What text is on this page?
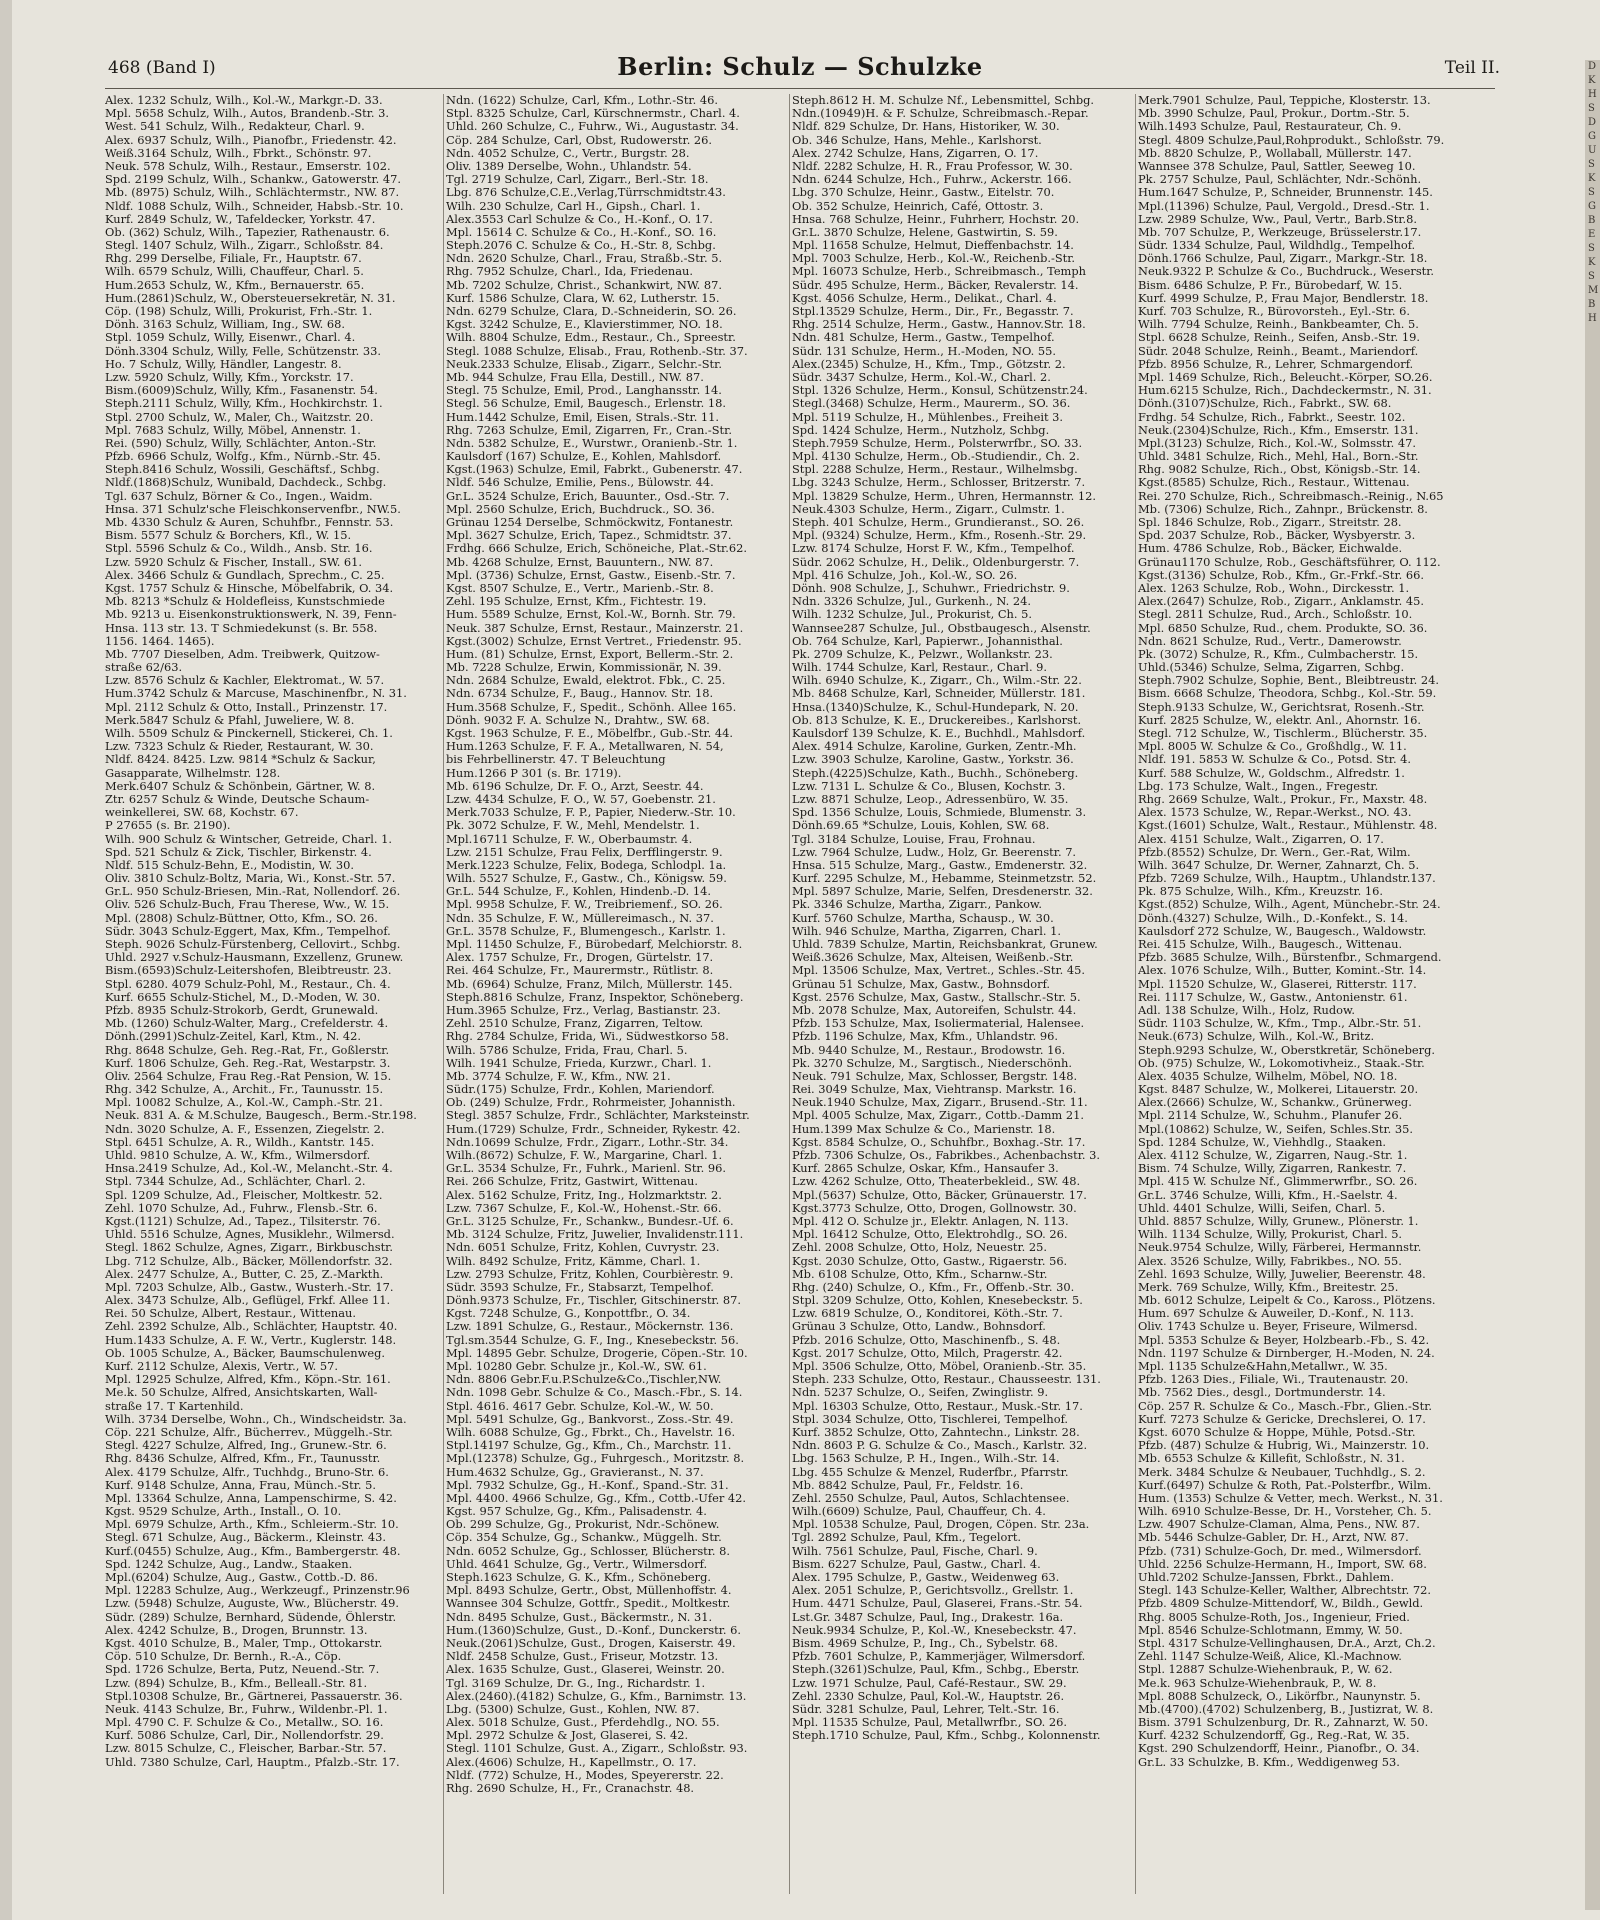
468 (Band I)	Berlin: Schulz — Schulzke	Teil II.
Alex. 1232 Schulz, Wilh., Kol.-W., Markgr.-D. 33.
Mpl. 5658 Schulz, Wilh., Autos, Brandenb.-Str. 3.
West. 541 Schulz, Wilh., Redakteur, Charl. 9.
Alex. 6937 Schulz, Wilh., Pianofbr., Friedenstr. 42.
Weiß.3164 Schulz, Wilh., Fbrkt., Schönstr. 97.
Neuk. 578 Schulz, Wilh., Restaur., Emserstr. 102.
Spd. 2199 Schulz, Wilh., Schankw., Gatowerstr. 47.
Mb. (8975) Schulz, Wilh., Schlächtermstr., NW. 87.
Nldf. 1088 Schulz, Wilh., Schneider, Habsb.-Str. 10.
Kurf. 2849 Schulz, W., Tafeldecker, Yorkstr. 47.
Ob. (362) Schulz, Wilh., Tapezier, Rathenaustr. 6.
Stegl. 1407 Schulz, Wilh., Zigarr., Schloßstr. 84.
Rhg. 299 Derselbe, Filiale, Fr., Hauptstr. 67.
Wilh. 6579 Schulz, Willi, Chauffeur, Charl. 5.
Hum.2653 Schulz, W., Kfm., Bernauerstr. 65.
Hum.(2861)Schulz, W., Obersteuersekretär, N. 31.
Cöp. (198) Schulz, Willi, Prokurist, Frh.-Str. 1.
Dönh. 3163 Schulz, William, Ing., SW. 68.
Stpl. 1059 Schulz, Willy, Eisenwr., Charl. 4.
Dönh.3304 Schulz, Willy, Felle, Schützenstr. 33.
Ho. 7 Schulz, Willy, Händler, Langestr. 8.
Lzw. 5920 Schulz, Willy, Kfm., Yorckstr. 17.
Bism.(6009)Schulz, Willy, Kfm., Fasanenstr. 54.
Steph.2111 Schulz, Willy, Kfm., Hochkirchstr. 1.
Stpl. 2700 Schulz, W., Maler, Ch., Waitzstr. 20.
Mpl. 7683 Schulz, Willy, Möbel, Annenstr. 1.
Rei. (590) Schulz, Willy, Schlächter, Anton.-Str.
Pfzb. 6966 Schulz, Wolfg., Kfm., Nürnb.-Str. 45.
Steph.8416 Schulz, Wossili, Geschäftsf., Schbg.
Nldf.(1868)Schulz, Wunibald, Dachdeck., Schbg.
Tgl. 637 Schulz, Börner & Co., Ingen., Waidm.
Hnsa. 371 Schulz'sche Fleischkonservenfbr., NW.5.
Mb. 4330 Schulz & Auren, Schuhfbr., Fennstr. 53.
Bism. 5577 Schulz & Borchers, Kfl., W. 15.
Stpl. 5596 Schulz & Co., Wildh., Ansb. Str. 16.
Lzw. 5920 Schulz & Fischer, Install., SW. 61.
Alex. 3466 Schulz & Gundlach, Sprechm., C. 25.
Kgst. 1757 Schulz & Hinsche, Möbelfabrik, O. 34.
Mb. 8213 *Schulz & Holdefleiss, Kunstschmiede
Mb. 9213 u. Eisenkonstruktionswerk, N. 39, Fenn-
Hnsa. 113 str. 13. T Schmiedekunst (s. Br. 558.
1156. 1464. 1465).
Mb. 7707 Dieselben, Adm. Treibwerk, Quitzow-
straße 62/63.
Lzw. 8576 Schulz & Kachler, Elektromat., W. 57.
Hum.3742 Schulz & Marcuse, Maschinenfbr., N. 31.
Mpl. 2112 Schulz & Otto, Install., Prinzenstr. 17.
Merk.5847 Schulz & Pfahl, Juweliere, W. 8.
Wilh. 5509 Schulz & Pinckernell, Stickerei, Ch. 1.
Lzw. 7323 Schulz & Rieder, Restaurant, W. 30.
Nldf. 8424. 8425. Lzw. 9814 *Schulz & Sackur,
Gasapparate, Wilhelmstr. 128.
Merk.6407 Schulz & Schönbein, Gärtner, W. 8.
Ztr. 6257 Schulz & Winde, Deutsche Schaum-
weinkellerei, SW. 68, Kochstr. 67.
P 27655 (s. Br. 2190).
Wilh. 900 Schulz & Wintscher, Getreide, Charl. 1.
Spd. 521 Schulz & Zick, Tischler, Birkenstr. 4.
Nldf. 515 Schulz-Behn, E., Modistin, W. 30.
Oliv. 3810 Schulz-Boltz, Maria, Wi., Konst.-Str. 57.
Gr.L. 950 Schulz-Briesen, Min.-Rat, Nollendorf. 26.
Oliv. 526 Schulz-Buch, Frau Therese, Ww., W. 15.
Mpl. (2808) Schulz-Büttner, Otto, Kfm., SO. 26.
Südr. 3043 Schulz-Eggert, Max, Kfm., Tempelhof.
Steph. 9026 Schulz-Fürstenberg, Cellovirt., Schbg.
Uhld. 2927 v.Schulz-Hausmann, Exzellenz, Grunew.
Bism.(6593)Schulz-Leitershofen, Bleibtreustr. 23.
Stpl. 6280. 4079 Schulz-Pohl, M., Restaur., Ch. 4.
Kurf. 6655 Schulz-Stichel, M., D.-Moden, W. 30.
Pfzb. 8935 Schulz-Strokorb, Gerdt, Grunewald.
Mb. (1260) Schulz-Walter, Marg., Crefelderstr. 4.
Dönh.(2991)Schulz-Zeitel, Karl, Ktm., N. 42.
Rhg. 8648 Schulze, Geh. Reg.-Rat, Fr., Goßlerstr.
Kurf. 1806 Schulze, Geh. Reg.-Rat, Westarpstr. 3.
Oliv. 2564 Schulze, Frau Reg.-Rat Pension, W. 15.
Rhg. 342 Schulze, A., Archit., Fr., Taunusstr. 15.
Mpl. 10082 Schulze, A., Kol.-W., Camph.-Str. 21.
Neuk. 831 A. & M.Schulze, Baugesch., Berm.-Str.198.
Ndn. 3020 Schulze, A. F., Essenzen, Ziegelstr. 2.
Stpl. 6451 Schulze, A. R., Wildh., Kantstr. 145.
Uhld. 9810 Schulze, A. W., Kfm., Wilmersdorf.
Hnsa.2419 Schulze, Ad., Kol.-W., Melancht.-Str. 4.
Stpl. 7344 Schulze, Ad., Schlächter, Charl. 2.
Spl. 1209 Schulze, Ad., Fleischer, Moltkestr. 52.
Zehl. 1070 Schulze, Ad., Fuhrw., Flensb.-Str. 6.
Kgst.(1121) Schulze, Ad., Tapez., Tilsiterstr. 76.
Uhld. 5516 Schulze, Agnes, Musiklehr., Wilmersd.
Stegl. 1862 Schulze, Agnes, Zigarr., Birkbuschstr.
Lbg. 712 Schulze, Alb., Bäcker, Möllendorfstr. 32.
Alex. 2477 Schulze, A., Butter, C. 25, Z.-Markth.
Mpl. 7203 Schulze, Alb., Gastw., Wusterh.-Str. 17.
Alex. 3473 Schulze, Alb., Geflügel, Frkf. Allee 11.
Rei. 50 Schulze, Albert, Restaur., Wittenau.
Zehl. 2392 Schulze, Alb., Schlächter, Hauptstr. 40.
Hum.1433 Schulze, A. F. W., Vertr., Kuglerstr. 148.
Ob. 1005 Schulze, A., Bäcker, Baumschulenweg.
Kurf. 2112 Schulze, Alexis, Vertr., W. 57.
Mpl. 12925 Schulze, Alfred, Kfm., Köpn.-Str. 161.
Me.k. 50 Schulze, Alfred, Ansichtskarten, Wall-
straße 17. T Kartenhild.
Wilh. 3734 Derselbe, Wohn., Ch., Windscheidstr. 3a.
Cöp. 221 Schulze, Alfr., Bücherrev., Müggelh.-Str.
Stegl. 4227 Schulze, Alfred, Ing., Grunew.-Str. 6.
Rhg. 8436 Schulze, Alfred, Kfm., Fr., Taunusstr.
Alex. 4179 Schulze, Alfr., Tuchhdg., Bruno-Str. 6.
Kurf. 9148 Schulze, Anna, Frau, Münch.-Str. 5.
Mpl. 13364 Schulze, Anna, Lampenschirme, S. 42.
Kgst. 9529 Schulze, Arth., Install., O. 10.
Mpl. 6979 Schulze, Arth., Kfm., Schleierm.-Str. 10.
Stegl. 671 Schulze, Aug., Bäckerm., Kleinstr. 43.
Kurf.(0455) Schulze, Aug., Kfm., Bambergerstr. 48.
Spd. 1242 Schulze, Aug., Landw., Staaken.
Mpl.(6204) Schulze, Aug., Gastw., Cottb.-D. 86.
Mpl. 12283 Schulze, Aug., Werkzeugf., Prinzenstr.96
Lzw. (5948) Schulze, Auguste, Ww., Blücherstr. 49.
Südr. (289) Schulze, Bernhard, Südende, Öhlerstr.
Alex. 4242 Schulze, B., Drogen, Brunnstr. 13.
Kgst. 4010 Schulze, B., Maler, Tmp., Ottokarstr.
Cöp. 510 Schulze, Dr. Bernh., R.-A., Cöp.
Spd. 1726 Schulze, Berta, Putz, Neuend.-Str. 7.
Lzw. (894) Schulze, B., Kfm., Belleall.-Str. 81.
Stpl.10308 Schulze, Br., Gärtnerei, Passauerstr. 36.
Neuk. 4143 Schulze, Br., Fuhrw., Wildenbr.-Pl. 1.
Mpl. 4790 C. F. Schulze & Co., Metallw., SO. 16.
Kurf. 5086 Schulze, Carl, Dir., Nollendorfstr. 29.
Lzw. 8015 Schulze, C., Fleischer, Barbar.-Str. 57.
Uhld. 7380 Schulze, Carl, Hauptm., Pfalzb.-Str. 17.
Ndn. (1622) Schulze, Carl, Kfm., Lothr.-Str. 46.
Stpl. 8325 Schulze, Carl, Kürschnermstr., Charl. 4.
Uhld. 260 Schulze, C., Fuhrw., Wi., Augustastr. 34.
Cöp. 284 Schulze, Carl, Obst, Rudowerstr. 26.
Ndn. 4052 Schulze, C., Vertr., Burgstr. 28.
Oliv. 1389 Derselbe, Wohn., Uhlandstr. 54.
Tgl. 2719 Schulze, Carl, Zigarr., Berl.-Str. 18.
Lbg. 876 Schulze,C.E.,Verlag,Türrschmidtstr.43.
Wilh. 230 Schulze, Carl H., Gipsh., Charl. 1.
Alex.3553 Carl Schulze & Co., H.-Konf., O. 17.
Mpl. 15614 C. Schulze & Co., H.-Konf., SO. 16.
Steph.2076 C. Schulze & Co., H.-Str. 8, Schbg.
Ndn. 2620 Schulze, Charl., Frau, Straßb.-Str. 5.
Rhg. 7952 Schulze, Charl., Ida, Friedenau.
Mb. 7202 Schulze, Christ., Schankwirt, NW. 87.
Kurf. 1586 Schulze, Clara, W. 62, Lutherstr. 15.
Ndn. 6279 Schulze, Clara, D.-Schneiderin, SO. 26.
Kgst. 3242 Schulze, E., Klavierstimmer, NO. 18.
Wilh. 8804 Schulze, Edm., Restaur., Ch., Spreestr.
Stegl. 1088 Schulze, Elisab., Frau, Rothenb.-Str. 37.
Neuk.2333 Schulze, Elisab., Zigarr., Selchr.-Str.
Mb. 944 Schulze, Frau Ella, Destill., NW. 87.
Stegl. 75 Schulze, Emil, Prod., Langhansstr. 14.
Stegl. 56 Schulze, Emil, Baugesch., Erlenstr. 18.
Hum.1442 Schulze, Emil, Eisen, Strals.-Str. 11.
Rhg. 7263 Schulze, Emil, Zigarren, Fr., Cran.-Str.
Ndn. 5382 Schulze, E., Wurstwr., Oranienb.-Str. 1.
Kaulsdorf (167) Schulze, E., Kohlen, Mahlsdorf.
Kgst.(1963) Schulze, Emil, Fabrkt., Gubenerstr. 47.
Nldf. 546 Schulze, Emilie, Pens., Bülowstr. 44.
Gr.L. 3524 Schulze, Erich, Bauunter., Osd.-Str. 7.
Mpl. 2560 Schulze, Erich, Buchdruck., SO. 36.
Grünau 1254 Derselbe, Schmöckwitz, Fontanestr.
Mpl. 3627 Schulze, Erich, Tapez., Schmidtstr. 37.
Frdhg. 666 Schulze, Erich, Schöneiche, Plat.-Str.62.
Mb. 4268 Schulze, Ernst, Bauuntern., NW. 87.
Mpl. (3736) Schulze, Ernst, Gastw., Eisenb.-Str. 7.
Kgst. 8507 Schulze, E., Vertr., Marienb.-Str. 8.
Zehl. 195 Schulze, Ernst, Kfm., Fichtestr. 19.
Hum. 5589 Schulze, Ernst, Kol.-W., Bornh. Str. 79.
Neuk. 387 Schulze, Ernst, Restaur., Mainzerstr. 21.
Kgst.(3002) Schulze, Ernst Vertret., Friedenstr. 95.
Hum. (81) Schulze, Ernst, Export, Bellerm.-Str. 2.
Mb. 7228 Schulze, Erwin, Kommissionär, N. 39.
Ndn. 2684 Schulze, Ewald, elektrot. Fbk., C. 25.
Ndn. 6734 Schulze, F., Baug., Hannov. Str. 18.
Hum.3568 Schulze, F., Spedit., Schönh. Allee 165.
Dönh. 9032 F. A. Schulze N., Drahtw., SW. 68.
Kgst. 1963 Schulze, F. E., Möbelfbr., Gub.-Str. 44.
Hum.1263 Schulze, F. F. A., Metallwaren, N. 54,
bis Fehrbellinerstr. 47. T Beleuchtung
Hum.1266 P 301 (s. Br. 1719).
Mb. 6196 Schulze, Dr. F. O., Arzt, Seestr. 44.
Lzw. 4434 Schulze, F. O., W. 57, Goebenstr. 21.
Merk.7033 Schulze, F. P., Papier, Niederw.-Str. 10.
Pk. 3072 Schulze, F. W., Mehl, Mendelstr. 1.
Mpl.16711 Schulze, F. W., Oberbaumstr. 4.
Lzw. 2151 Schulze, Frau Felix, Derfflingerstr. 9.
Merk.1223 Schulze, Felix, Bodega, Schlodpl. 1a.
Wilh. 5527 Schulze, F., Gastw., Ch., Königsw. 59.
Gr.L. 544 Schulze, F., Kohlen, Hindenb.-D. 14.
Mpl. 9958 Schulze, F. W., Treibriemenf., SO. 26.
Ndn. 35 Schulze, F. W., Müllereimasch., N. 37.
Gr.L. 3578 Schulze, F., Blumengesch., Karlstr. 1.
Mpl. 11450 Schulze, F., Bürobedarf, Melchiorstr. 8.
Alex. 1757 Schulze, Fr., Drogen, Gürtelstr. 17.
Rei. 464 Schulze, Fr., Maurermstr., Rütlistr. 8.
Mb. (6964) Schulze, Franz, Milch, Müllerstr. 145.
Steph.8816 Schulze, Franz, Inspektor, Schöneberg.
Hum.3965 Schulze, Frz., Verlag, Bastianstr. 23.
Zehl. 2510 Schulze, Franz, Zigarren, Teltow.
Rhg. 2784 Schulze, Frida, Wi., Südwestkorso 58.
Wilh. 5786 Schulze, Frida, Frau, Charl. 5.
Wilh. 1941 Schulze, Frieda, Kurzwr., Charl. 1.
Mb. 3774 Schulze, F. W., Kfm., NW. 21.
Südr.(175) Schulze, Frdr., Kohlen, Mariendorf.
Ob. (249) Schulze, Frdr., Rohrmeister, Johannisth.
Stegl. 3857 Schulze, Frdr., Schlächter, Marksteinstr.
Hum.(1729) Schulze, Frdr., Schneider, Rykestr. 42.
Ndn.10699 Schulze, Frdr., Zigarr., Lothr.-Str. 34.
Wilh.(8672) Schulze, F. W., Margarine, Charl. 1.
Gr.L. 3534 Schulze, Fr., Fuhrk., Marienl. Str. 96.
Rei. 266 Schulze, Fritz, Gastwirt, Wittenau.
Alex. 5162 Schulze, Fritz, Ing., Holzmarktstr. 2.
Lzw. 7367 Schulze, F., Kol.-W., Hohenst.-Str. 66.
Gr.L. 3125 Schulze, Fr., Schankw., Bundesr.-Uf. 6.
Mb. 3124 Schulze, Fritz, Juwelier, Invalidenstr.111.
Ndn. 6051 Schulze, Fritz, Kohlen, Cuvrystr. 23.
Wilh. 8492 Schulze, Fritz, Kämme, Charl. 1.
Lzw. 2793 Schulze, Fritz, Kohlen, Courbièrestr. 9.
Südr. 3593 Schulze, Fr., Stabsarzt, Tempelhof.
Dönh.9373 Schulze, Fr., Tischler, Gitschinerstr. 87.
Kgst. 7248 Schulze, G., Konpottfbr., O. 34.
Lzw. 1891 Schulze, G., Restaur., Möckernstr. 136.
Tgl.sm.3544 Schulze, G. F., Ing., Knesebeckstr. 56.
Mpl. 14895 Gebr. Schulze, Drogerie, Cöpen.-Str. 10.
Mpl. 10280 Gebr. Schulze jr., Kol.-W., SW. 61.
Ndn. 8806 Gebr.F.u.P.Schulze&Co.,Tischler,NW.
Ndn. 1098 Gebr. Schulze & Co., Masch.-Fbr., S. 14.
Stpl. 4616. 4617 Gebr. Schulze, Kol.-W., W. 50.
Mpl. 5491 Schulze, Gg., Bankvorst., Zoss.-Str. 49.
Wilh. 6088 Schulze, Gg., Fbrkt., Ch., Havelstr. 16.
Stpl.14197 Schulze, Gg., Kfm., Ch., Marchstr. 11.
Mpl.(12378) Schulze, Gg., Fuhrgesch., Moritzstr. 8.
Hum.4632 Schulze, Gg., Gravieranst., N. 37.
Mpl. 7932 Schulze, Gg., H.-Konf., Spand.-Str. 31.
Mpl. 4400. 4966 Schulze, Gg., Kfm., Cottb.-Ufer 42.
Kgst. 957 Schulze, Gg., Kfm., Palisadenstr. 4.
Ob. 299 Schulze, Gg., Prokurist, Ndr.-Schönew.
Cöp. 354 Schulze, Gg., Schankw., Müggelh. Str.
Ndn. 6052 Schulze, Gg., Schlosser, Blücherstr. 8.
Uhld. 4641 Schulze, Gg., Vertr., Wilmersdorf.
Steph.1623 Schulze, G. K., Kfm., Schöneberg.
Mpl. 8493 Schulze, Gertr., Obst, Müllenhoffstr. 4.
Wannsee 304 Schulze, Gottfr., Spedit., Moltkestr.
Ndn. 8495 Schulze, Gust., Bäckermstr., N. 31.
Hum.(1360)Schulze, Gust., D.-Konf., Dunckerstr. 6.
Neuk.(2061)Schulze, Gust., Drogen, Kaiserstr. 49.
Nldf. 2458 Schulze, Gust., Friseur, Motzstr. 13.
Alex. 1635 Schulze, Gust., Glaserei, Weinstr. 20.
Tgl. 3169 Schulze, Dr. G., Ing., Richardstr. 1.
Alex.(2460).(4182) Schulze, G., Kfm., Barnimstr. 13.
Lbg. (5300) Schulze, Gust., Kohlen, NW. 87.
Alex. 5018 Schulze, Gust., Pferdehdlg., NO. 55.
Mpl. 2972 Schulze & Jost, Glaserei, S. 42.
Stegl. 1101 Schulze, Gust. A., Zigarr., Schloßstr. 93.
Alex.(4606) Schulze, H., Kapellmstr., O. 17.
Nldf. (772) Schulze, H., Modes, Speyererstr. 22.
Rhg. 2690 Schulze, H., Fr., Cranachstr. 48.
Steph.8612 H. M. Schulze Nf., Lebensmittel, Schbg.
Ndn.(10949)H. & F. Schulze, Schreibmasch.-Repar.
Nldf. 829 Schulze, Dr. Hans, Historiker, W. 30.
Ob. 346 Schulze, Hans, Mehle., Karlshorst.
Alex. 2742 Schulze, Hans, Zigarren, O. 17.
Nldf. 2282 Schulze, H. R., Frau Professor, W. 30.
Ndn. 6244 Schulze, Hch., Fuhrw., Ackerstr. 166.
Lbg. 370 Schulze, Heinr., Gastw., Eitelstr. 70.
Ob. 352 Schulze, Heinrich, Café, Ottostr. 3.
Hnsa. 768 Schulze, Heinr., Fuhrherr, Hochstr. 20.
Gr.L. 3870 Schulze, Helene, Gastwirtin, S. 59.
Mpl. 11658 Schulze, Helmut, Dieffenbachstr. 14.
Mpl. 7003 Schulze, Herb., Kol.-W., Reichenb.-Str.
Mpl. 16073 Schulze, Herb., Schreibmasch., Temph
Südr. 495 Schulze, Herm., Bäcker, Revalerstr. 14.
Kgst. 4056 Schulze, Herm., Delikat., Charl. 4.
Stpl.13529 Schulze, Herm., Dir., Fr., Begasstr. 7.
Rhg. 2514 Schulze, Herm., Gastw., Hannov.Str. 18.
Ndn. 481 Schulze, Herm., Gastw., Tempelhof.
Südr. 131 Schulze, Herm., H.-Moden, NO. 55.
Alex.(2345) Schulze, H., Kfm., Tmp., Götzstr. 2.
Südr. 3437 Schulze, Herm., Kol.-W., Charl. 2.
Stpl. 1326 Schulze, Herm., Konsul, Schützenstr.24.
Stegl.(3468) Schulze, Herm., Maurerm., SO. 36.
Mpl. 5119 Schulze, H., Mühlenbes., Freiheit 3.
Spd. 1424 Schulze, Herm., Nutzholz, Schbg.
Steph.7959 Schulze, Herm., Polsterwrfbr., SO. 33.
Mpl. 4130 Schulze, Herm., Ob.-Studiendir., Ch. 2.
Stpl. 2288 Schulze, Herm., Restaur., Wilhelmsbg.
Lbg. 3243 Schulze, Herm., Schlosser, Britzerstr. 7.
Mpl. 13829 Schulze, Herm., Uhren, Hermannstr. 12.
Neuk.4303 Schulze, Herm., Zigarr., Culmstr. 1.
Steph. 401 Schulze, Herm., Grundieranst., SO. 26.
Mpl. (9324) Schulze, Herm., Kfm., Rosenh.-Str. 29.
Lzw. 8174 Schulze, Horst F. W., Kfm., Tempelhof.
Südr. 2062 Schulze, H., Delik., Oldenburgerstr. 7.
Mpl. 416 Schulze, Joh., Kol.-W., SO. 26.
Dönh. 908 Schulze, J., Schuhwr., Friedrichstr. 9.
Ndn. 3326 Schulze, Jul., Gurkenh., N. 24.
Wilh. 1232 Schulze, Jul., Prokurist, Ch. 5.
Wannsee287 Schulze, Jul., Obstbaugesch., Alsenstr.
Ob. 764 Schulze, Karl, Papierwr., Johannisthal.
Pk. 2709 Schulze, K., Pelzwr., Wollankstr. 23.
Wilh. 1744 Schulze, Karl, Restaur., Charl. 9.
Wilh. 6940 Schulze, K., Zigarr., Ch., Wilm.-Str. 22.
Mb. 8468 Schulze, Karl, Schneider, Müllerstr. 181.
Hnsa.(1340)Schulze, K., Schul-Hundepark, N. 20.
Ob. 813 Schulze, K. E., Druckereibes., Karlshorst.
Kaulsdorf 139 Schulze, K. E., Buchhdl., Mahlsdorf.
Alex. 4914 Schulze, Karoline, Gurken, Zentr.-Mh.
Lzw. 3903 Schulze, Karoline, Gastw., Yorkstr. 36.
Steph.(4225)Schulze, Kath., Buchh., Schöneberg.
Lzw. 7131 L. Schulze & Co., Blusen, Kochstr. 3.
Lzw. 8871 Schulze, Leop., Adressenbüro, W. 35.
Spd. 1356 Schulze, Louis, Schmiede, Blumenstr. 3.
Dönh.69.65 *Schulze, Louis, Kohlen, SW. 68.
Tgl. 3184 Schulze, Louise, Frau, Frohnau.
Lzw. 7964 Schulze, Ludw., Holz, Gr. Beerenstr. 7.
Hnsa. 515 Schulze, Marg., Gastw., Emdenerstr. 32.
Kurf. 2295 Schulze, M., Hebamme, Steinmetzstr. 52.
Mpl. 5897 Schulze, Marie, Selfen, Dresdenerstr. 32.
Pk. 3346 Schulze, Martha, Zigarr., Pankow.
Kurf. 5760 Schulze, Martha, Schausp., W. 30.
Wilh. 946 Schulze, Martha, Zigarren, Charl. 1.
Uhld. 7839 Schulze, Martin, Reichsbankrat, Grunew.
Weiß.3626 Schulze, Max, Alteisen, Weißenb.-Str.
Mpl. 13506 Schulze, Max, Vertret., Schles.-Str. 45.
Grünau 51 Schulze, Max, Gastw., Bohnsdorf.
Kgst. 2576 Schulze, Max, Gastw., Stallschr.-Str. 5.
Mb. 2078 Schulze, Max, Autoreifen, Schulstr. 44.
Pfzb. 153 Schulze, Max, Isoliermaterial, Halensee.
Pfzb. 1196 Schulze, Max, Kfm., Uhlandstr. 96.
Mb. 9440 Schulze, M., Restaur., Brodowstr. 16.
Pk. 3270 Schulze, M., Sargtisch., Niederschönh.
Neuk. 791 Schulze, Max, Schlosser, Bergstr. 148.
Rei. 3049 Schulze, Max, Viehtransp. Markstr. 16.
Neuk.1940 Schulze, Max, Zigarr., Brusend.-Str. 11.
Mpl. 4005 Schulze, Max, Zigarr., Cottb.-Damm 21.
Hum.1399 Max Schulze & Co., Marienstr. 18.
Kgst. 8584 Schulze, O., Schuhfbr., Boxhag.-Str. 17.
Pfzb. 7306 Schulze, Os., Fabrikbes., Achenbachstr. 3.
Kurf. 2865 Schulze, Oskar, Kfm., Hansaufer 3.
Lzw. 4262 Schulze, Otto, Theaterbekleid., SW. 48.
Mpl.(5637) Schulze, Otto, Bäcker, Grünauerstr. 17.
Kgst.3773 Schulze, Otto, Drogen, Gollnowstr. 30.
Mpl. 412 O. Schulze jr., Elektr. Anlagen, N. 113.
Mpl. 16412 Schulze, Otto, Elektrohdlg., SO. 26.
Zehl. 2008 Schulze, Otto, Holz, Neuestr. 25.
Kgst. 2030 Schulze, Otto, Gastw., Rigaerstr. 56.
Mb. 6108 Schulze, Otto, Kfm., Scharnw.-Str.
Rhg. (240) Schulze, O., Kfm., Fr., Offenb.-Str. 30.
Stpl. 3209 Schulze, Otto, Kohlen, Knesebeckstr. 5.
Lzw. 6819 Schulze, O., Konditorei, Köth.-Str. 7.
Grünau 3 Schulze, Otto, Landw., Bohnsdorf.
Pfzb. 2016 Schulze, Otto, Maschinenfb., S. 48.
Kgst. 2017 Schulze, Otto, Milch, Pragerstr. 42.
Mpl. 3506 Schulze, Otto, Möbel, Oranienb.-Str. 35.
Steph. 233 Schulze, Otto, Restaur., Chausseestr. 131.
Ndn. 5237 Schulze, O., Seifen, Zwinglistr. 9.
Mpl. 16303 Schulze, Otto, Restaur., Musk.-Str. 17.
Stpl. 3034 Schulze, Otto, Tischlerei, Tempelhof.
Kurf. 3852 Schulze, Otto, Zahntechn., Linkstr. 28.
Ndn. 8603 P. G. Schulze & Co., Masch., Karlstr. 32.
Lbg. 1563 Schulze, P. H., Ingen., Wilh.-Str. 14.
Lbg. 455 Schulze & Menzel, Ruderfbr., Pfarrstr.
Mb. 8842 Schulze, Paul, Fr., Feldstr. 16.
Zehl. 2550 Schulze, Paul, Autos, Schlachtensee.
Wilh.(6609) Schulze, Paul, Chauffeur, Ch. 4.
Mpl. 10538 Schulze, Paul, Drogen, Cöpen. Str. 23a.
Tgl. 2892 Schulze, Paul, Kfm., Tegelort.
Wilh. 7561 Schulze, Paul, Fische, Charl. 9.
Bism. 6227 Schulze, Paul, Gastw., Charl. 4.
Alex. 1795 Schulze, P., Gastw., Weidenweg 63.
Alex. 2051 Schulze, P., Gerichtsvollz., Grellstr. 1.
Hum. 4471 Schulze, Paul, Glaserei, Frans.-Str. 54.
Lst.Gr. 3487 Schulze, Paul, Ing., Drakestr. 16a.
Neuk.9934 Schulze, P., Kol.-W., Knesebeckstr. 47.
Bism. 4969 Schulze, P., Ing., Ch., Sybelstr. 68.
Pfzb. 7601 Schulze, P., Kammerjäger, Wilmersdorf.
Steph.(3261)Schulze, Paul, Kfm., Schbg., Eberstr.
Lzw. 1971 Schulze, Paul, Café-Restaur., SW. 29.
Zehl. 2330 Schulze, Paul, Kol.-W., Hauptstr. 26.
Südr. 3281 Schulze, Paul, Lehrer, Telt.-Str. 16.
Mpl. 11535 Schulze, Paul, Metallwrfbr., SO. 26.
Steph.1710 Schulze, Paul, Kfm., Schbg., Kolonnenstr.
Merk.7901 Schulze, Paul, Teppiche, Klosterstr. 13.
Mb. 3990 Schulze, Paul, Prokur., Dortm.-Str. 5.
Wilh.1493 Schulze, Paul, Restaurateur, Ch. 9.
Stegl. 4809 Schulze,Paul,Rohprodukt., Schloßstr. 79.
Mb. 8820 Schulze, P., Wollaball, Müllerstr. 147.
Wannsee 378 Schulze, Paul, Sattler, Seeweg 10.
Pk. 2757 Schulze, Paul, Schlächter, Ndr.-Schönh.
Hum.1647 Schulze, P., Schneider, Brunnenstr. 145.
Mpl.(11396) Schulze, Paul, Vergold., Dresd.-Str. 1.
Lzw. 2989 Schulze, Ww., Paul, Vertr., Barb.Str.8.
Mb. 707 Schulze, P., Werkzeuge, Brüsselerstr.17.
Südr. 1334 Schulze, Paul, Wildhdlg., Tempelhof.
Dönh.1766 Schulze, Paul, Zigarr., Markgr.-Str. 18.
Neuk.9322 P. Schulze & Co., Buchdruck., Weserstr.
Bism. 6486 Schulze, P. Fr., Bürobedarf, W. 15.
Kurf. 4999 Schulze, P., Frau Major, Bendlerstr. 18.
Kurf. 703 Schulze, R., Bürovorsteh., Eyl.-Str. 6.
Wilh. 7794 Schulze, Reinh., Bankbeamter, Ch. 5.
Stpl. 6628 Schulze, Reinh., Seifen, Ansb.-Str. 19.
Südr. 2048 Schulze, Reinh., Beamt., Mariendorf.
Pfzb. 8956 Schulze, R., Lehrer, Schmargendorf.
Mpl. 1469 Schulze, Rich., Beleucht.-Körper, SO.26.
Hum.6215 Schulze, Rich., Dachdeckermstr., N. 31.
Dönh.(3107)Schulze, Rich., Fabrkt., SW. 68.
Frdhg. 54 Schulze, Rich., Fabrkt., Seestr. 102.
Neuk.(2304)Schulze, Rich., Kfm., Emserstr. 131.
Mpl.(3123) Schulze, Rich., Kol.-W., Solmsstr. 47.
Uhld. 3481 Schulze, Rich., Mehl, Hal., Born.-Str.
Rhg. 9082 Schulze, Rich., Obst, Königsb.-Str. 14.
Kgst.(8585) Schulze, Rich., Restaur., Wittenau.
Rei. 270 Schulze, Rich., Schreibmasch.-Reinig., N.65
Mb. (7306) Schulze, Rich., Zahnpr., Brückenstr. 8.
Spl. 1846 Schulze, Rob., Zigarr., Streitstr. 28.
Spd. 2037 Schulze, Rob., Bäcker, Wysbyerstr. 3.
Hum. 4786 Schulze, Rob., Bäcker, Eichwalde.
Grünau1170 Schulze, Rob., Geschäftsführer, O. 112.
Kgst.(3136) Schulze, Rob., Kfm., Gr.-Frkf.-Str. 66.
Alex. 1263 Schulze, Rob., Wohn., Dirckesstr. 1.
Alex.(2647) Schulze, Rob., Zigarr., Anklamstr. 45.
Stegl. 2811 Schulze, Rud., Arch., Schloßstr. 10.
Mpl. 6850 Schulze, Rud., chem. Produkte, SO. 36.
Ndn. 8621 Schulze, Rud., Vertr., Damerowstr.
Pk. (3072) Schulze, R., Kfm., Culmbacherstr. 15.
Uhld.(5346) Schulze, Selma, Zigarren, Schbg.
Steph.7902 Schulze, Sophie, Bent., Bleibtreustr. 24.
Bism. 6668 Schulze, Theodora, Schbg., Kol.-Str. 59.
Steph.9133 Schulze, W., Gerichtsrat, Rosenh.-Str.
Kurf. 2825 Schulze, W., elektr. Anl., Ahornstr. 16.
Stegl. 712 Schulze, W., Tischlerm., Blücherstr. 35.
Mpl. 8005 W. Schulze & Co., Großhdlg., W. 11.
Nldf. 191. 5853 W. Schulze & Co., Potsd. Str. 4.
Kurf. 588 Schulze, W., Goldschm., Alfredstr. 1.
Lbg. 173 Schulze, Walt., Ingen., Fregestr.
Rhg. 2669 Schulze, Walt., Prokur., Fr., Maxstr. 48.
Alex. 1573 Schulze, W., Repar.-Werkst., NO. 43.
Kgst.(1601) Schulze, Walt., Restaur., Mühlenstr. 48.
Alex. 4151 Schulze, Walt., Zigarren, O. 17.
Pfzb.(8552) Schulze, Dr. Wern., Ger.-Rat, Wilm.
Wilh. 3647 Schulze, Dr. Werner, Zahnarzt, Ch. 5.
Pfzb. 7269 Schulze, Wilh., Hauptm., Uhlandstr.137.
Pk. 875 Schulze, Wilh., Kfm., Kreuzstr. 16.
Kgst.(852) Schulze, Wilh., Agent, Münchebr.-Str. 24.
Dönh.(4327) Schulze, Wilh., D.-Konfekt., S. 14.
Kaulsdorf 272 Schulze, W., Baugesch., Waldowstr.
Rei. 415 Schulze, Wilh., Baugesch., Wittenau.
Pfzb. 3685 Schulze, Wilh., Bürstenfbr., Schmargend.
Alex. 1076 Schulze, Wilh., Butter, Komint.-Str. 14.
Mpl. 11520 Schulze, W., Glaserei, Ritterstr. 117.
Rei. 1117 Schulze, W., Gastw., Antonienstr. 61.
Adl. 138 Schulze, Wilh., Holz, Rudow.
Südr. 1103 Schulze, W., Kfm., Tmp., Albr.-Str. 51.
Neuk.(673) Schulze, Wilh., Kol.-W., Britz.
Steph.9293 Schulze, W., Oberstkretär, Schöneberg.
Ob. (975) Schulze, W., Lokomotivheiz., Staak.-Str.
Alex. 4035 Schulze, Wilhelm, Möbel, NO. 18.
Kgst. 8487 Schulze, W., Molkerei, Litauerstr. 20.
Alex.(2666) Schulze, W., Schankw., Grünerweg.
Mpl. 2114 Schulze, W., Schuhm., Planufer 26.
Mpl.(10862) Schulze, W., Seifen, Schles.Str. 35.
Spd. 1284 Schulze, W., Viehhdlg., Staaken.
Alex. 4112 Schulze, W., Zigarren, Naug.-Str. 1.
Bism. 74 Schulze, Willy, Zigarren, Rankestr. 7.
Mpl. 415 W. Schulze Nf., Glimmerwrfbr., SO. 26.
Gr.L. 3746 Schulze, Willi, Kfm., H.-Saelstr. 4.
Uhld. 4401 Schulze, Willi, Seifen, Charl. 5.
Uhld. 8857 Schulze, Willy, Grunew., Plönerstr. 1.
Wilh. 1134 Schulze, Willy, Prokurist, Charl. 5.
Neuk.9754 Schulze, Willy, Färberei, Hermannstr.
Alex. 3526 Schulze, Willy, Fabrikbes., NO. 55.
Zehl. 1693 Schulze, Willy, Juwelier, Beerenstr. 48.
Merk. 769 Schulze, Willy, Kfm., Breitestr. 25.
Mb. 6012 Schulze, Leipelt & Co., Kaross., Plötzens.
Hum. 697 Schulze & Auweiler, D.-Konf., N. 113.
Oliv. 1743 Schulze u. Beyer, Friseure, Wilmersd.
Mpl. 5353 Schulze & Beyer, Holzbearb.-Fb., S. 42.
Ndn. 1197 Schulze & Dirnberger, H.-Moden, N. 24.
Mpl. 1135 Schulze&Hahn,Metallwr., W. 35.
Pfzb. 1263 Dies., Filiale, Wi., Trautenaustr. 20.
Mb. 7562 Dies., desgl., Dortmunderstr. 14.
Cöp. 257 R. Schulze & Co., Masch.-Fbr., Glien.-Str.
Kurf. 7273 Schulze & Gericke, Drechslerei, O. 17.
Kgst. 6070 Schulze & Hoppe, Mühle, Potsd.-Str.
Pfzb. (487) Schulze & Hubrig, Wi., Mainzerstr. 10.
Mb. 6553 Schulze & Killefit, Schloßstr., N. 31.
Merk. 3484 Schulze & Neubauer, Tuchhdlg., S. 2.
Kurf.(6497) Schulze & Roth, Pat.-Polsterfbr., Wilm.
Hum. (1353) Schulze & Vetter, mech. Werkst., N. 31.
Wilh. 6910 Schulze-Besse, Dr. H., Vorsteher, Ch. 5.
Lzw. 4907 Schulze-Claman, Alma, Pens., NW. 87.
Mb. 5446 Schulze-Gabler, Dr. H., Arzt, NW. 87.
Pfzb. (731) Schulze-Goch, Dr. med., Wilmersdorf.
Uhld. 2256 Schulze-Hermann, H., Import, SW. 68.
Uhld.7202 Schulze-Janssen, Fbrkt., Dahlem.
Stegl. 143 Schulze-Keller, Walther, Albrechtstr. 72.
Pfzb. 4809 Schulze-Mittendorf, W., Bildh., Gewld.
Rhg. 8005 Schulze-Roth, Jos., Ingenieur, Fried.
Mpl. 8546 Schulze-Schlotmann, Emmy, W. 50.
Stpl. 4317 Schulze-Vellinghausen, Dr.A., Arzt, Ch.2.
Zehl. 1147 Schulze-Weiß, Alice, Kl.-Machnow.
Stpl. 12887 Schulze-Wiehenbrauk, P., W. 62.
Me.k. 963 Schulze-Wiehenbrauk, P., W. 8.
Mpl. 8088 Schulzeck, O., Likörfbr., Naunynstr. 5.
Mb.(4700).(4702) Schulzenberg, B., Justizrat, W. 8.
Bism. 3791 Schulzenburg, Dr. R., Zahnarzt, W. 50.
Kurf. 4232 Schulzendorff, Gg., Reg.-Rat, W. 35.
Kgst. 290 Schulzendorff, Heinr., Pianofbr., O. 34.
Gr.L. 33 Schulzke, B. Kfm., Weddigenweg 53.
D
K
H
S
D
G
U
S
K
S
G
B
E
S
K
S
M
B
H
